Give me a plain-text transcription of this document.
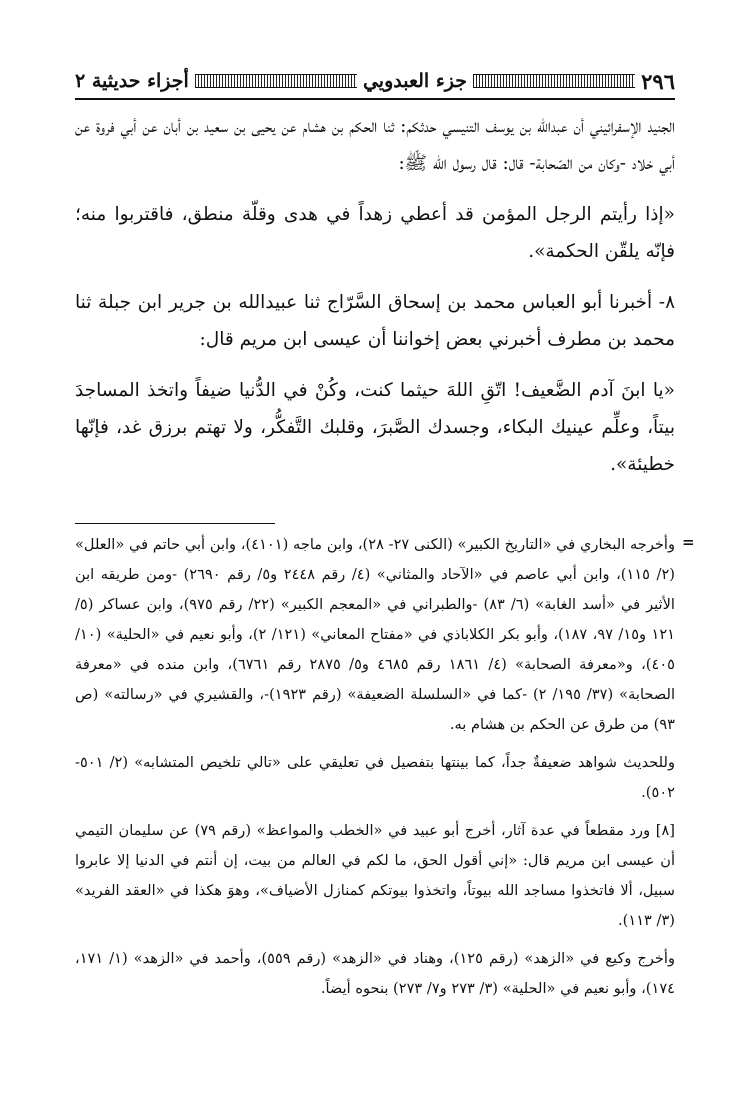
٢٩٦
جزء العبدويي
أجزاء حديثية ٢

الجنيد الإسفرائيني أن عبدالله بن يوسف التنيسي حدثكم: ثنا الحكم بن هشام عن يحيى بن سعيد بن أبان عن أبي فروة عن أبي خلاد -وكان من الصّحابة- قال: قال رسول الله ﷺ:

«إذا رأيتم الرجل المؤمن قد أعطي زهداً في هدى وقلّة منطق، فاقتربوا منه؛ فإنّه يلقّن الحكمة».

٨- أخبرنا أبو العباس محمد بن إسحاق السَّرّاج ثنا عبيدالله بن جرير ابن جبلة ثنا محمد بن مطرف أخبرني بعض إخواننا أن عيسى ابن مريم قال:

«يا ابنَ آدم الضَّعيف! اتّقِ اللهَ حيثما كنت، وكُنْ في الدُّنيا ضيفاً واتخذ المساجدَ بيتاً، وعلِّم عينيك البكاء، وجسدك الصَّبرَ، وقلبك التَّفكُّر، ولا تهتم برزق غد، فإنّها خطيئة».

=

وأخرجه البخاري في «التاريخ الكبير» (الكنى ٢٧- ٢٨)، وابن ماجه (٤١٠١)، وابن أبي حاتم في «العلل» (٢/ ١١٥)، وابن أبي عاصم في «الآحاد والمثاني» (٤/ رقم ٢٤٤٨ و٥/ رقم ٢٦٩٠) -ومن طريقه ابن الأثير في «أسد الغابة» (٦/ ٨٣) -والطبراني في «المعجم الكبير» (٢٢/ رقم ٩٧٥)، وابن عساكر (٥/ ١٢١ و١٥/ ٩٧، ١٨٧)، وأبو بكر الكلاباذي في «مفتاح المعاني» (١٢١/ ٢)، وأبو نعيم في «الحلية» (١٠/ ٤٠٥)، و«معرفة الصحابة» (٤/ ١٨٦١ رقم ٤٦٨٥ و٥/ ٢٨٧٥ رقم ٦٧٦١)، وابن منده في «معرفة الصحابة» (٣٧/ ١٩٥/ ٢) -كما في «السلسلة الضعيفة» (رقم ١٩٢٣)-، والقشيري في «رسالته» (ص ٩٣) من طرق عن الحكم بن هشام به.

وللحديث شواهد ضعيفةٌ جداً، كما بينتها بتفصيل في تعليقي على «تالي تلخيص المتشابه» (٢/ ٥٠١- ٥٠٢).

[٨] ورد مقطعاً في عدة آثار، أخرج أبو عبيد في «الخطب والمواعظ» (رقم ٧٩) عن سليمان التيمي أن عيسى ابن مريم قال: «إني أقول الحق، ما لكم في العالم من بيت، إن أنتم في الدنيا إلا عابروا سبيل، ألا فاتخذوا مساجد الله بيوتاً، واتخذوا بيوتكم كمنازل الأضياف»، وهوَ هكذا في «العقد الفريد» (٣/ ١١٣).

وأخرج وكيع في «الزهد» (رقم ١٢٥)، وهناد في «الزهد» (رقم ٥٥٩)، وأحمد في «الزهد» (١/ ١٧١، ١٧٤)، وأبو نعيم في «الحلية» (٣/ ٢٧٣ و٧/ ٢٧٣) بنحوه أيضاً.
